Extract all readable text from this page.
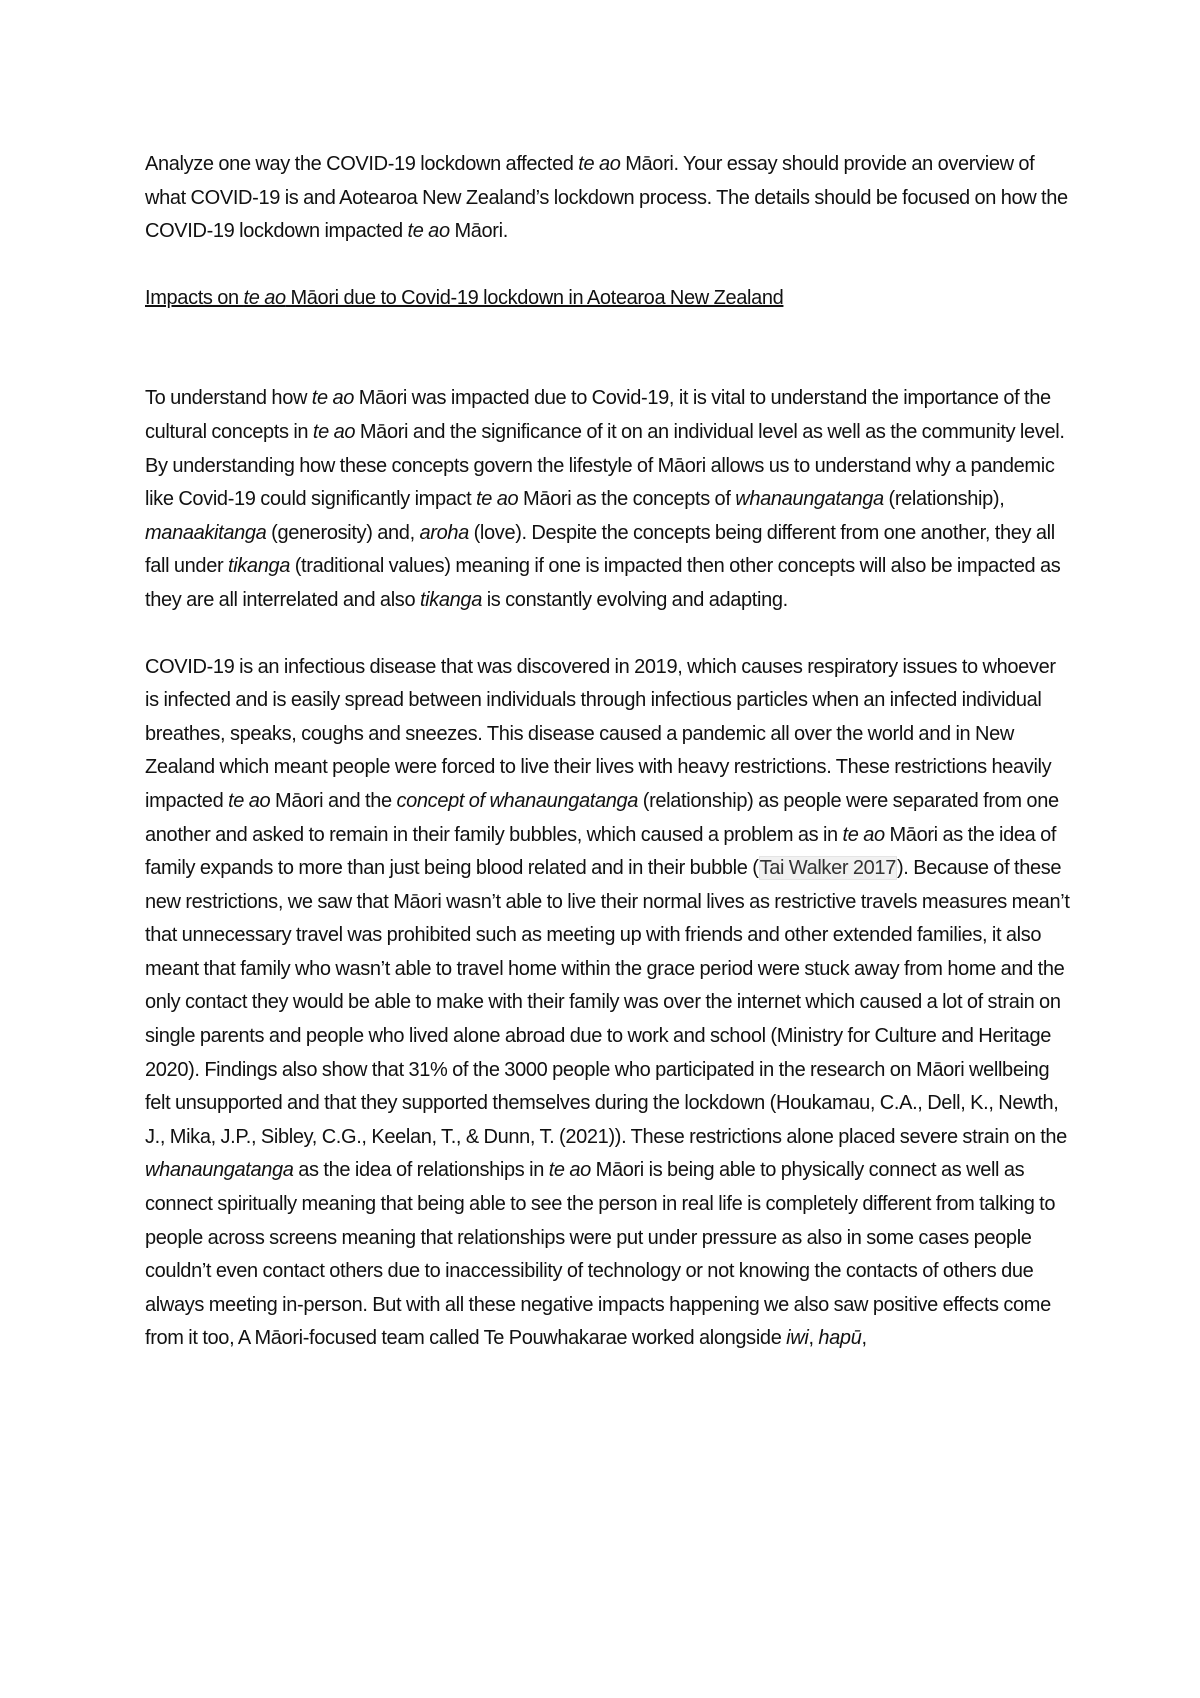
Analyze one way the COVID-19 lockdown affected te ao Māori. Your essay should provide an overview of what COVID-19 is and Aotearoa New Zealand’s lockdown process. The details should be focused on how the COVID-19 lockdown impacted te ao Māori.

Impacts on te ao Māori due to Covid-19 lockdown in Aotearoa New Zealand

To understand how te ao Māori was impacted due to Covid-19, it is vital to understand the importance of the cultural concepts in te ao Māori and the significance of it on an individual level as well as the community level. By understanding how these concepts govern the lifestyle of Māori allows us to understand why a pandemic like Covid-19 could significantly impact te ao Māori as the concepts of whanaungatanga (relationship), manaakitanga (generosity) and, aroha (love). Despite the concepts being different from one another, they all fall under tikanga (traditional values) meaning if one is impacted then other concepts will also be impacted as they are all interrelated and also tikanga is constantly evolving and adapting.

COVID-19 is an infectious disease that was discovered in 2019, which causes respiratory issues to whoever is infected and is easily spread between individuals through infectious particles when an infected individual breathes, speaks, coughs and sneezes. This disease caused a pandemic all over the world and in New Zealand which meant people were forced to live their lives with heavy restrictions. These restrictions heavily impacted te ao Māori and the concept of whanaungatanga (relationship) as people were separated from one another and asked to remain in their family bubbles, which caused a problem as in te ao Māori as the idea of family expands to more than just being blood related and in their bubble (Tai Walker 2017). Because of these new restrictions, we saw that Māori wasn’t able to live their normal lives as restrictive travels measures mean’t that unnecessary travel was prohibited such as meeting up with friends and other extended families, it also meant that family who wasn’t able to travel home within the grace period were stuck away from home and the only contact they would be able to make with their family was over the internet which caused a lot of strain on single parents and people who lived alone abroad due to work and school (Ministry for Culture and Heritage 2020). Findings also show that 31% of the 3000 people who participated in the research on Māori wellbeing felt unsupported and that they supported themselves during the lockdown (Houkamau, C.A., Dell, K., Newth, J., Mika, J.P., Sibley, C.G., Keelan, T., & Dunn, T. (2021)). These restrictions alone placed severe strain on the whanaungatanga as the idea of relationships in te ao Māori is being able to physically connect as well as connect spiritually meaning that being able to see the person in real life is completely different from talking to people across screens meaning that relationships were put under pressure as also in some cases people couldn’t even contact others due to inaccessibility of technology or not knowing the contacts of others due always meeting in-person. But with all these negative impacts happening we also saw positive effects come from it too, A Māori-focused team called Te Pouwhakarae worked alongside iwi, hapū,
